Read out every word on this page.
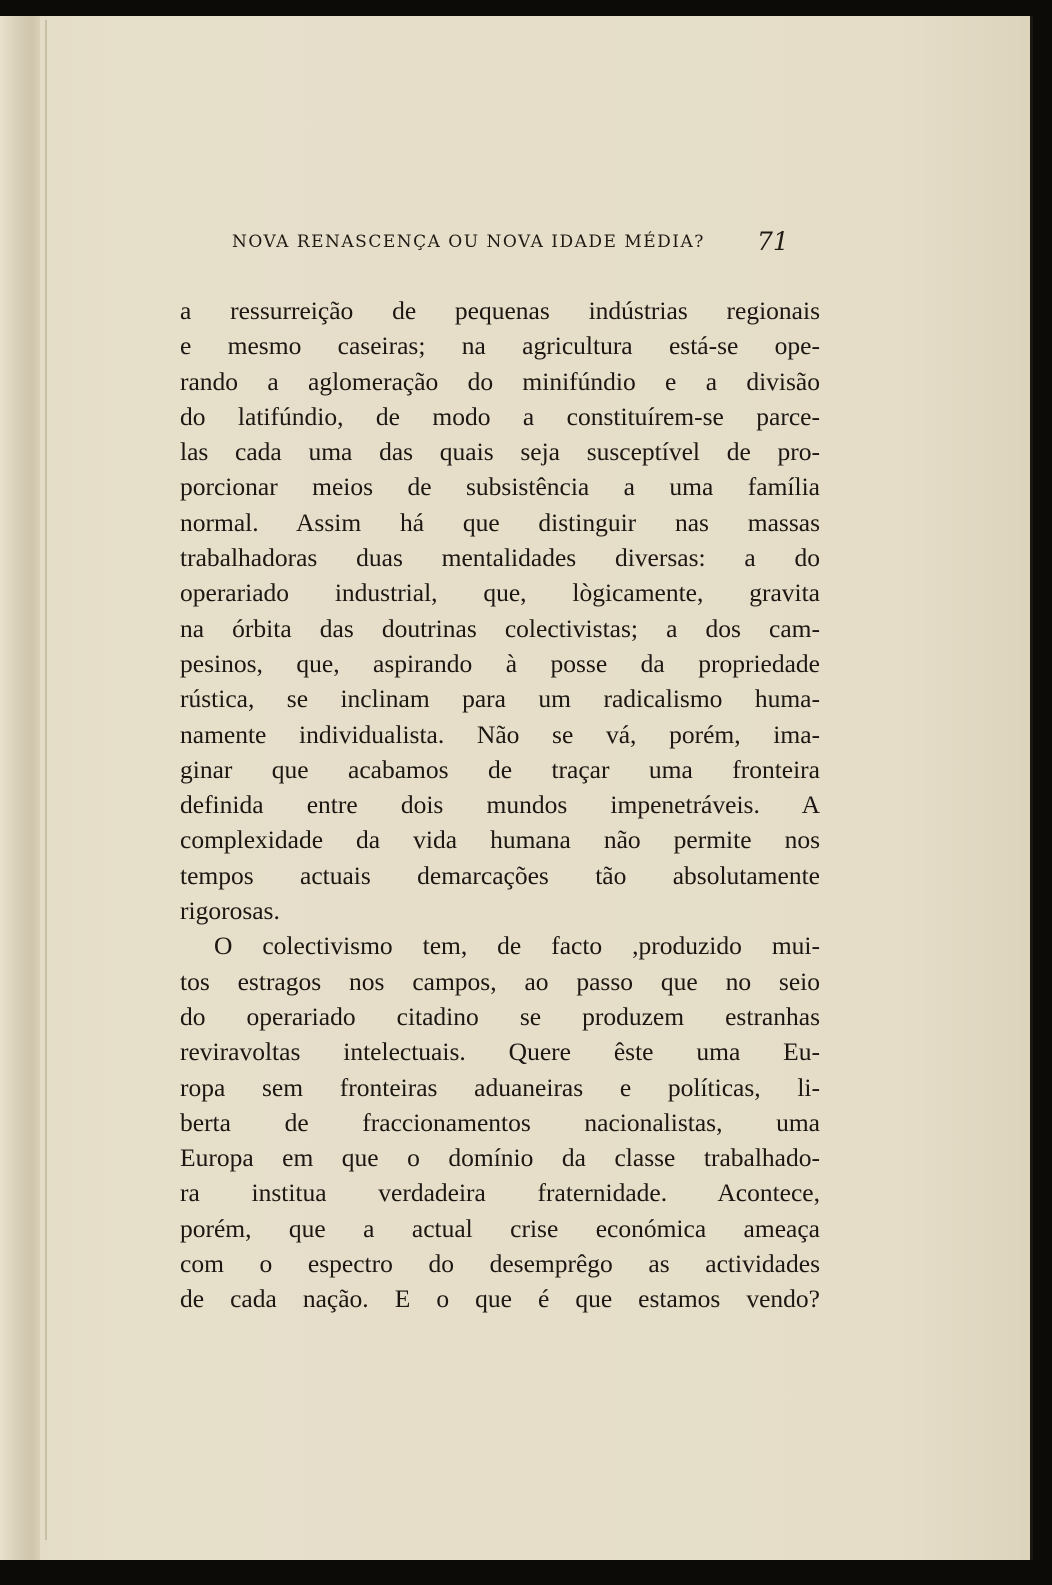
NOVA RENASCENÇA OU NOVA IDADE MÉDIA? 71
a ressurreição de pequenas indústrias regionais
e mesmo caseiras; na agricultura está-se ope-
rando a aglomeração do minifúndio e a divisão
do latifúndio, de modo a constituírem-se parce-
las cada uma das quais seja susceptível de pro-
porcionar meios de subsistência a uma família
normal. Assim há que distinguir nas massas
trabalhadoras duas mentalidades diversas: a do
operariado industrial, que, lògicamente, gravita
na órbita das doutrinas colectivistas; a dos cam-
pesinos, que, aspirando à posse da propriedade
rústica, se inclinam para um radicalismo huma-
namente individualista. Não se vá, porém, ima-
ginar que acabamos de traçar uma fronteira
definida entre dois mundos impenetráveis. A
complexidade da vida humana não permite nos
tempos actuais demarcações tão absolutamente
rigorosas.
O colectivismo tem, de facto ,produzido mui-
tos estragos nos campos, ao passo que no seio
do operariado citadino se produzem estranhas
reviravoltas intelectuais. Quere êste uma Eu-
ropa sem fronteiras aduaneiras e políticas, li-
berta de fraccionamentos nacionalistas, uma
Europa em que o domínio da classe trabalhado-
ra institua verdadeira fraternidade. Acontece,
porém, que a actual crise económica ameaça
com o espectro do desemprêgo as actividades
de cada nação. E o que é que estamos vendo?
